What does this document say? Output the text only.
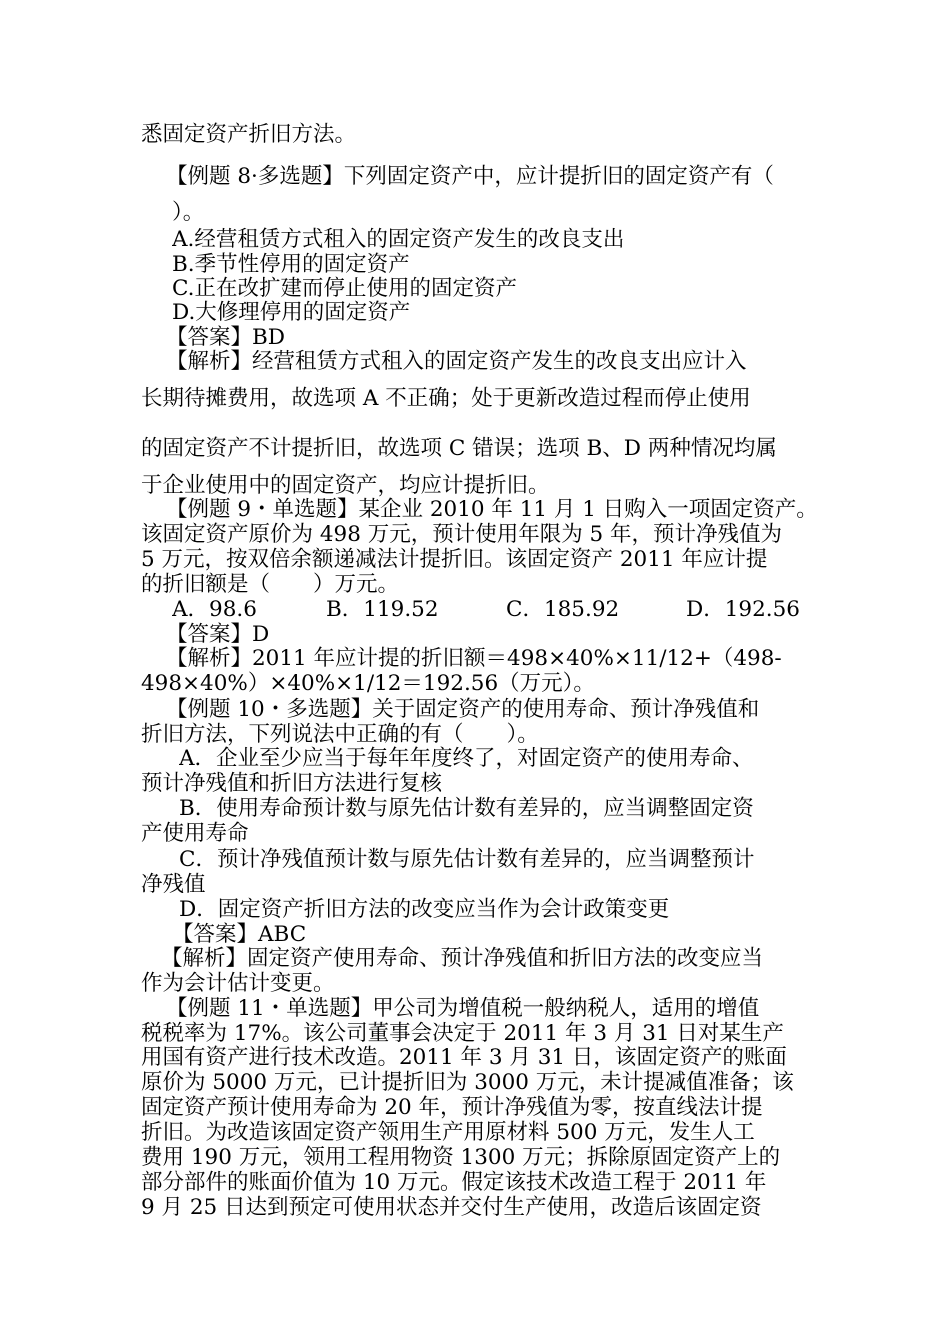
悉固定资产折旧方法。
【例题 8·多选题】下列固定资产中，应计提折旧的固定资产有（
）。
A.经营租赁方式租入的固定资产发生的改良支出
B.季节性停用的固定资产
C.正在改扩建而停止使用的固定资产
D.大修理停用的固定资产
【答案】BD
【解析】经营租赁方式租入的固定资产发生的改良支出应计入
长期待摊费用，故选项 A 不正确；处于更新改造过程而停止使用
的固定资产不计提折旧，故选项 C 错误；选项 B、D 两种情况均属
于企业使用中的固定资产，均应计提折旧。
【例题 9・单选题】某企业 2010 年 11 月 1 日购入一项固定资产。
该固定资产原价为 498 万元，预计使用年限为 5 年，预计净残值为
5 万元，按双倍余额递减法计提折旧。该固定资产 2011 年应计提
的折旧额是（　　）万元。
A．98.6	B．119.52	C．185.92	D．192.56
【答案】D
【解析】2011 年应计提的折旧额＝498×40%×11/12+（498-
498×40%）×40%×1/12＝192.56（万元）。
【例题 10・多选题】关于固定资产的使用寿命、预计净残值和
折旧方法，下列说法中正确的有（　　）。
A．企业至少应当于每年年度终了，对固定资产的使用寿命、
预计净残值和折旧方法进行复核
B．使用寿命预计数与原先估计数有差异的，应当调整固定资
产使用寿命
C．预计净残值预计数与原先估计数有差异的，应当调整预计
净残值
D．固定资产折旧方法的改变应当作为会计政策变更
【答案】ABC
【解析】固定资产使用寿命、预计净残值和折旧方法的改变应当
作为会计估计变更。
【例题 11・单选题】甲公司为增值税一般纳税人，适用的增值
税税率为 17%。该公司董事会决定于 2011 年 3 月 31 日对某生产
用国有资产进行技术改造。2011 年 3 月 31 日，该固定资产的账面
原价为 5000 万元，已计提折旧为 3000 万元，未计提减值准备；该
固定资产预计使用寿命为 20 年，预计净残值为零，按直线法计提
折旧。为改造该固定资产领用生产用原材料 500 万元，发生人工
费用 190 万元，领用工程用物资 1300 万元；拆除原固定资产上的
部分部件的账面价值为 10 万元。假定该技术改造工程于 2011 年
9 月 25 日达到预定可使用状态并交付生产使用，改造后该固定资
